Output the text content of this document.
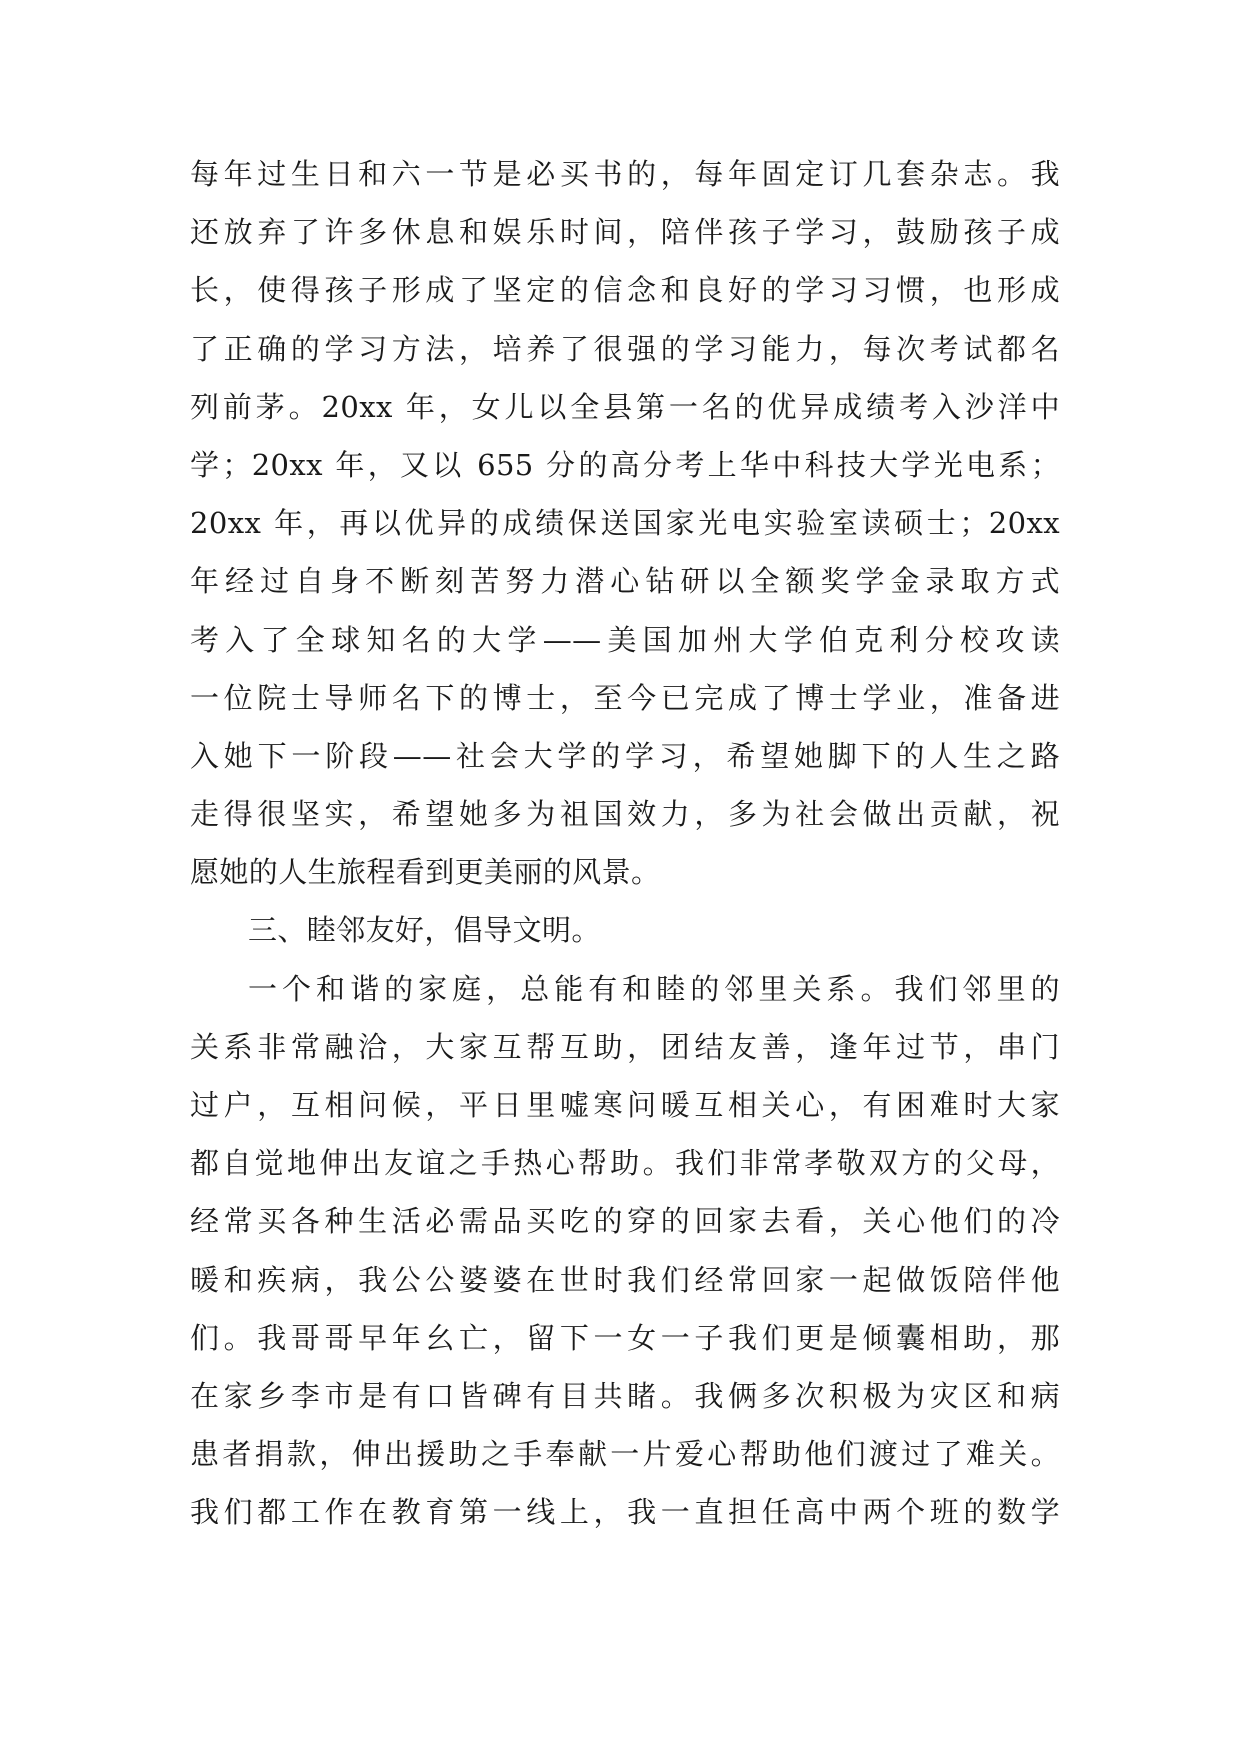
每年过生日和六一节是必买书的，每年固定订几套杂志。我
还放弃了许多休息和娱乐时间，陪伴孩子学习，鼓励孩子成
长，使得孩子形成了坚定的信念和良好的学习习惯，也形成
了正确的学习方法，培养了很强的学习能力，每次考试都名
列前茅。20xx 年，女儿以全县第一名的优异成绩考入沙洋中
学；20xx 年，又以 655 分的高分考上华中科技大学光电系；
20xx 年，再以优异的成绩保送国家光电实验室读硕士；20xx
年经过自身不断刻苦努力潜心钻研以全额奖学金录取方式
考入了全球知名的大学——美国加州大学伯克利分校攻读
一位院士导师名下的博士，至今已完成了博士学业，准备进
入她下一阶段——社会大学的学习，希望她脚下的人生之路
走得很坚实，希望她多为祖国效力，多为社会做出贡献，祝
愿她的人生旅程看到更美丽的风景。
三、睦邻友好，倡导文明。
一个和谐的家庭，总能有和睦的邻里关系。我们邻里的
关系非常融洽，大家互帮互助，团结友善，逢年过节，串门
过户，互相问候，平日里嘘寒问暖互相关心，有困难时大家
都自觉地伸出友谊之手热心帮助。我们非常孝敬双方的父母，
经常买各种生活必需品买吃的穿的回家去看，关心他们的冷
暖和疾病，我公公婆婆在世时我们经常回家一起做饭陪伴他
们。我哥哥早年幺亡，留下一女一子我们更是倾囊相助，那
在家乡李市是有口皆碑有目共睹。我俩多次积极为灾区和病
患者捐款，伸出援助之手奉献一片爱心帮助他们渡过了难关。
我们都工作在教育第一线上，我一直担任高中两个班的数学
